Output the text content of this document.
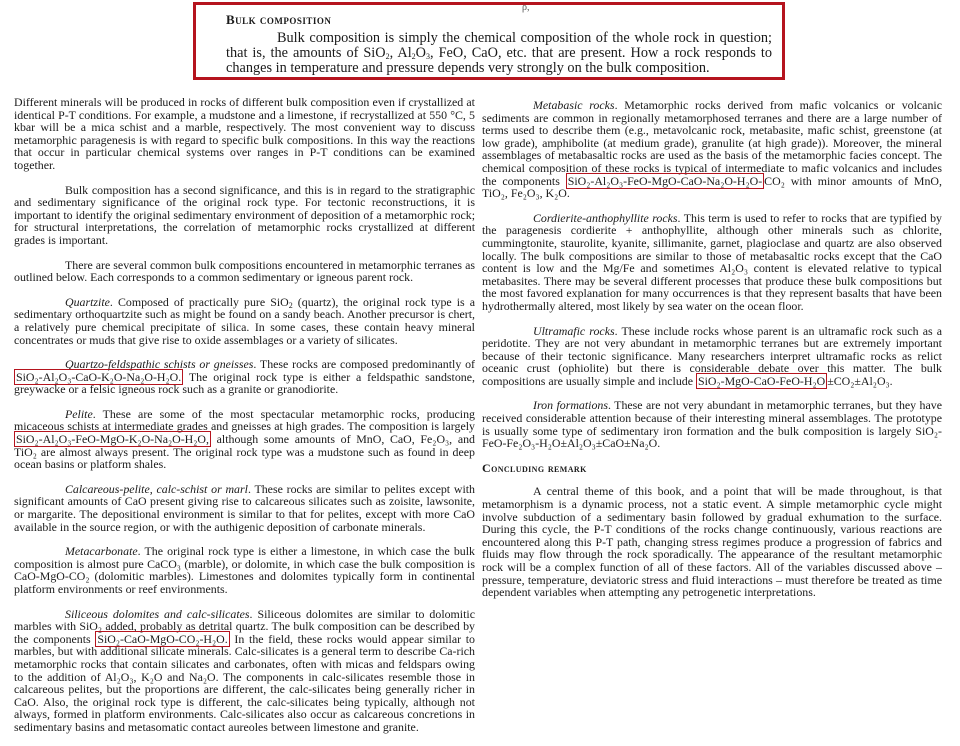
Bulk composition
Bulk composition is simply the chemical composition of the whole rock in question; that is, the amounts of SiO$_2$, $Al_2O_3$, FeO, CaO, etc. that are present. How a rock responds to changes in temperature and pressure depends very strongly on the bulk composition.
ρ,

Different minerals will be produced in rocks of different bulk composition even if crystallized at identical P-T conditions. For example, a mudstone and a limestone, if recrystallized at 550 °C, 5 kbar will be a mica schist and a marble, respectively. The most convenient way to discuss metamorphic paragenesis is with regard to specific bulk compositions. In this way the reactions that occur in particular chemical systems over ranges in P-T conditions can be examined together.

Bulk composition has a second significance, and this is in regard to the stratigraphic and sedimentary significance of the original rock type. For tectonic reconstructions, it is important to identify the original sedimentary environment of deposition of a metamorphic rock; for structural interpretations, the correlation of metamorphic rocks crystallized at different grades is important.

There are several common bulk compositions encountered in metamorphic terranes as outlined below. Each corresponds to a common sedimentary or igneous parent rock.

Quartzite. Composed of practically pure SiO$_2$ (quartz), the original rock type is a sedimentary orthoquartzite such as might be found on a sandy beach. Another precursor is chert, a relatively pure chemical precipitate of silica. In some cases, these contain heavy mineral concentrates or muds that give rise to oxide assemblages or a variety of silicates.

Quartzo-feldspathic schists or gneisses. These rocks are composed predominantly of SiO₂-Al₂O₃-CaO-K₂O-Na₂O-H₂O. The original rock type is either a feldspathic sandstone, greywacke or a felsic igneous rock such as a granite or granodiorite.

Pelite. These are some of the most spectacular metamorphic rocks, producing micaceous schists at intermediate grades and gneisses at high grades. The composition is largely SiO₂-Al₂O₃-FeO-MgO-K₂O-Na₂O-H₂O, although some amounts of MnO, CaO, Fe₂O₃, and TiO₂ are almost always present. The original rock type was a mudstone such as found in deep ocean basins or platform shales.

Calcareous-pelite, calc-schist or marl. These rocks are similar to pelites except with significant amounts of CaO present giving rise to calcareous silicates such as zoisite, lawsonite, or margarite. The depositional environment is similar to that for pelites, except with more CaO available in the source region, or with the authigenic deposition of carbonate minerals.

Metacarbonate. The original rock type is either a limestone, in which case the bulk composition is almost pure CaCO₃ (marble), or dolomite, in which case the bulk composition is CaO-MgO-CO₂ (dolomitic marbles). Limestones and dolomites typically form in continental platform environments or reef environments.

Siliceous dolomites and calc-silicates. Siliceous dolomites are similar to dolomitic marbles with SiO₂ added, probably as detrital quartz. The bulk composition can be described by the components SiO₂-CaO-MgO-CO₂-H₂O. In the field, these rocks would appear similar to marbles, but with additional silicate minerals. Calc-silicates is a general term to describe Ca-rich metamorphic rocks that contain silicates and carbonates, often with micas and feldspars owing to the addition of Al₂O₃, K₂O and Na₂O. The components in calc-silicates resemble those in calcareous pelites, but the proportions are different, the calc-silicates being generally richer in CaO. Also, the original rock type is different, the calc-silicates being typically, although not always, formed in platform environments. Calc-silicates also occur as calcareous concretions in sedimentary basins and metasomatic contact aureoles between limestone and granite.

Metabasic rocks. Metamorphic rocks derived from mafic volcanics or volcanic sediments are common in regionally metamorphosed terranes and there are a large number of terms used to describe them (e.g., metavolcanic rock, metabasite, mafic schist, greenstone (at low grade), amphibolite (at medium grade), granulite (at high grade)). Moreover, the mineral assemblages of metabasaltic rocks are used as the basis of the metamorphic facies concept. The chemical composition of these rocks is typical of intermediate to mafic volcanics and includes the components SiO₂-Al₂O₃-FeO-MgO-CaO-Na₂O-H₂O- CO₂ with minor amounts of MnO, TiO₂, Fe₂O₃, K₂O.

Cordierite-anthophyllite rocks. This term is used to refer to rocks that are typified by the paragenesis cordierite + anthophyllite, although other minerals such as chlorite, cummingtonite, staurolite, kyanite, sillimanite, garnet, plagioclase and quartz are also observed locally. The bulk compositions are similar to those of metabasaltic rocks except that the CaO content is low and the Mg/Fe and sometimes Al₂O₃ content is elevated relative to typical metabasites. There may be several different processes that produce these bulk compositions but the most favored explanation for many occurrences is that they represent basalts that have been hydrothermally altered, most likely by sea water on the ocean floor.

Ultramafic rocks. These include rocks whose parent is an ultramafic rock such as a peridotite. They are not very abundant in metamorphic terranes but are extremely important because of their tectonic significance. Many researchers interpret ultramafic rocks as relict oceanic crust (ophiolite) but there is considerable debate over this matter. The bulk compositions are usually simple and include SiO₂-MgO-CaO-FeO-H₂O ±CO₂±Al₂O₃.

Iron formations. These are not very abundant in metamorphic terranes, but they have received considerable attention because of their interesting mineral assemblages. The prototype is usually some type of sedimentary iron formation and the bulk composition is largely SiO₂-FeO-Fe₂O₃-H₂O±Al₂O₃±CaO±Na₂O.

Concluding remark

A central theme of this book, and a point that will be made throughout, is that metamorphism is a dynamic process, not a static event. A simple metamorphic cycle might involve subduction of a sedimentary basin followed by gradual exhumation to the surface. During this cycle, the P-T conditions of the rocks change continuously, various reactions are encountered along this P-T path, changing stress regimes produce a progression of fabrics and fluids may flow through the rock sporadically. The appearance of the resultant metamorphic rock will be a complex function of all of these factors. All of the variables discussed above – pressure, temperature, deviatoric stress and fluid interactions – must therefore be treated as time dependent variables when attempting any petrogenetic interpretations.
